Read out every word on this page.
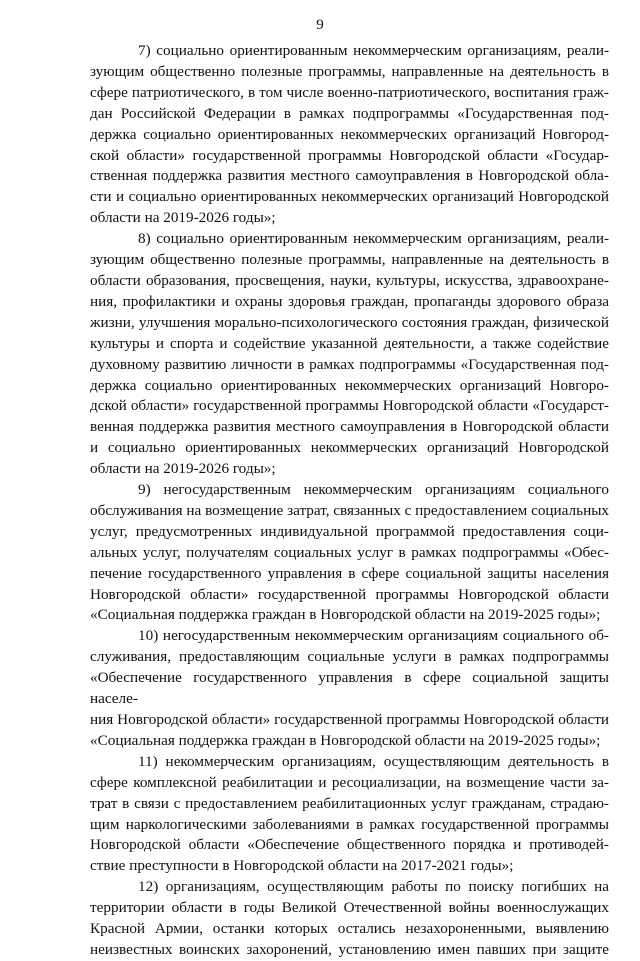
9
7) социально ориентированным некоммерческим организациям, реали-
зующим общественно полезные программы, направленные на деятельность в
сфере патриотического, в том числе военно-патриотического, воспитания граж-
дан Российской Федерации в рамках подпрограммы «Государственная под-
держка социально ориентированных некоммерческих организаций Новгород-
ской области» государственной программы Новгородской области «Государ-
ственная поддержка развития местного самоуправления в Новгородской обла-
сти и социально ориентированных некоммерческих организаций Новгородской
области на 2019-2026 годы»;
8) социально ориентированным некоммерческим организациям, реали-
зующим общественно полезные программы, направленные на деятельность в
области образования, просвещения, науки, культуры, искусства, здравоохране-
ния, профилактики и охраны здоровья граждан, пропаганды здорового образа
жизни, улучшения морально-психологического состояния граждан, физической
культуры и спорта и содействие указанной деятельности, а также содействие
духовному развитию личности в рамках подпрограммы «Государственная под-
держка социально ориентированных некоммерческих организаций Новгоро-
дской области» государственной программы Новгородской области «Государст-
венная поддержка развития местного самоуправления в Новгородской области
и социально ориентированных некоммерческих организаций Новгородской
области на 2019-2026 годы»;
9) негосударственным некоммерческим организациям социального
обслуживания на возмещение затрат, связанных с предоставлением социальных
услуг, предусмотренных индивидуальной программой предоставления соци-
альных услуг, получателям социальных услуг в рамках подпрограммы «Обес-
печение государственного управления в сфере социальной защиты населения
Новгородской области» государственной программы Новгородской области
«Социальная поддержка граждан в Новгородской области на 2019-2025 годы»;
10) негосударственным некоммерческим организациям социального об-
служивания, предоставляющим социальные услуги в рамках подпрограммы
«Обеспечение государственного управления в сфере социальной защиты населе-
ния Новгородской области» государственной программы Новгородской области
«Социальная поддержка граждан в Новгородской области на 2019-2025 годы»;
11) некоммерческим организациям, осуществляющим деятельность в
сфере комплексной реабилитации и ресоциализации, на возмещение части за-
трат в связи с предоставлением реабилитационных услуг гражданам, страдаю-
щим наркологическими заболеваниями в рамках государственной программы
Новгородской области «Обеспечение общественного порядка и противодей-
ствие преступности в Новгородской области на 2017-2021 годы»;
12) организациям, осуществляющим работы по поиску погибших на
территории области в годы Великой Отечественной войны военнослужащих
Красной Армии, останки которых остались незахороненными, выявлению
неизвестных воинских захоронений, установлению имен павших при защите
